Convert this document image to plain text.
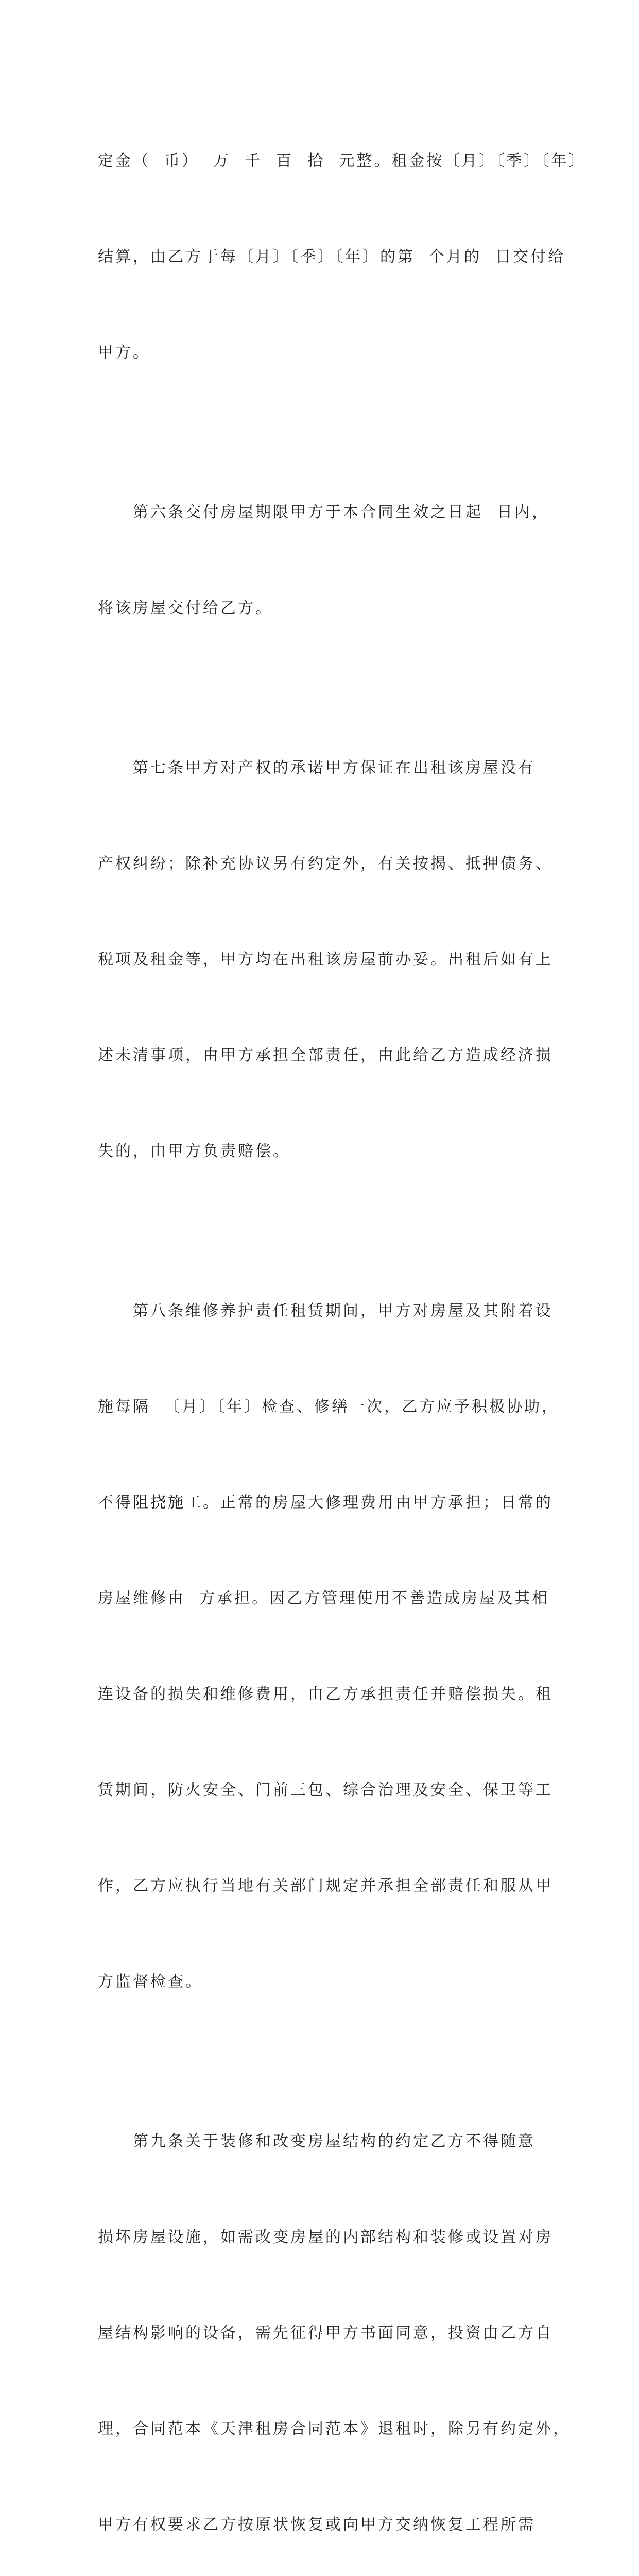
定金（  币）  万  千  百  拾  元整。租金按〔月〕〔季〕〔年〕

结算，由乙方于每〔月〕〔季〕〔年〕的第  个月的  日交付给

甲方。

第六条交付房屋期限甲方于本合同生效之日起  日内，

将该房屋交付给乙方。

第七条甲方对产权的承诺甲方保证在出租该房屋没有

产权纠纷；除补充协议另有约定外，有关按揭、抵押债务、

税项及租金等，甲方均在出租该房屋前办妥。出租后如有上

述未清事项，由甲方承担全部责任，由此给乙方造成经济损

失的，由甲方负责赔偿。

第八条维修养护责任租赁期间，甲方对房屋及其附着设

施每隔  〔月〕〔年〕检查、修缮一次，乙方应予积极协助，

不得阻挠施工。正常的房屋大修理费用由甲方承担；日常的

房屋维修由  方承担。因乙方管理使用不善造成房屋及其相

连设备的损失和维修费用，由乙方承担责任并赔偿损失。租

赁期间，防火安全、门前三包、综合治理及安全、保卫等工

作，乙方应执行当地有关部门规定并承担全部责任和服从甲

方监督检查。

第九条关于装修和改变房屋结构的约定乙方不得随意

损坏房屋设施，如需改变房屋的内部结构和装修或设置对房

屋结构影响的设备，需先征得甲方书面同意，投资由乙方自

理，合同范本《天津租房合同范本》退租时，除另有约定外，

甲方有权要求乙方按原状恢复或向甲方交纳恢复工程所需
